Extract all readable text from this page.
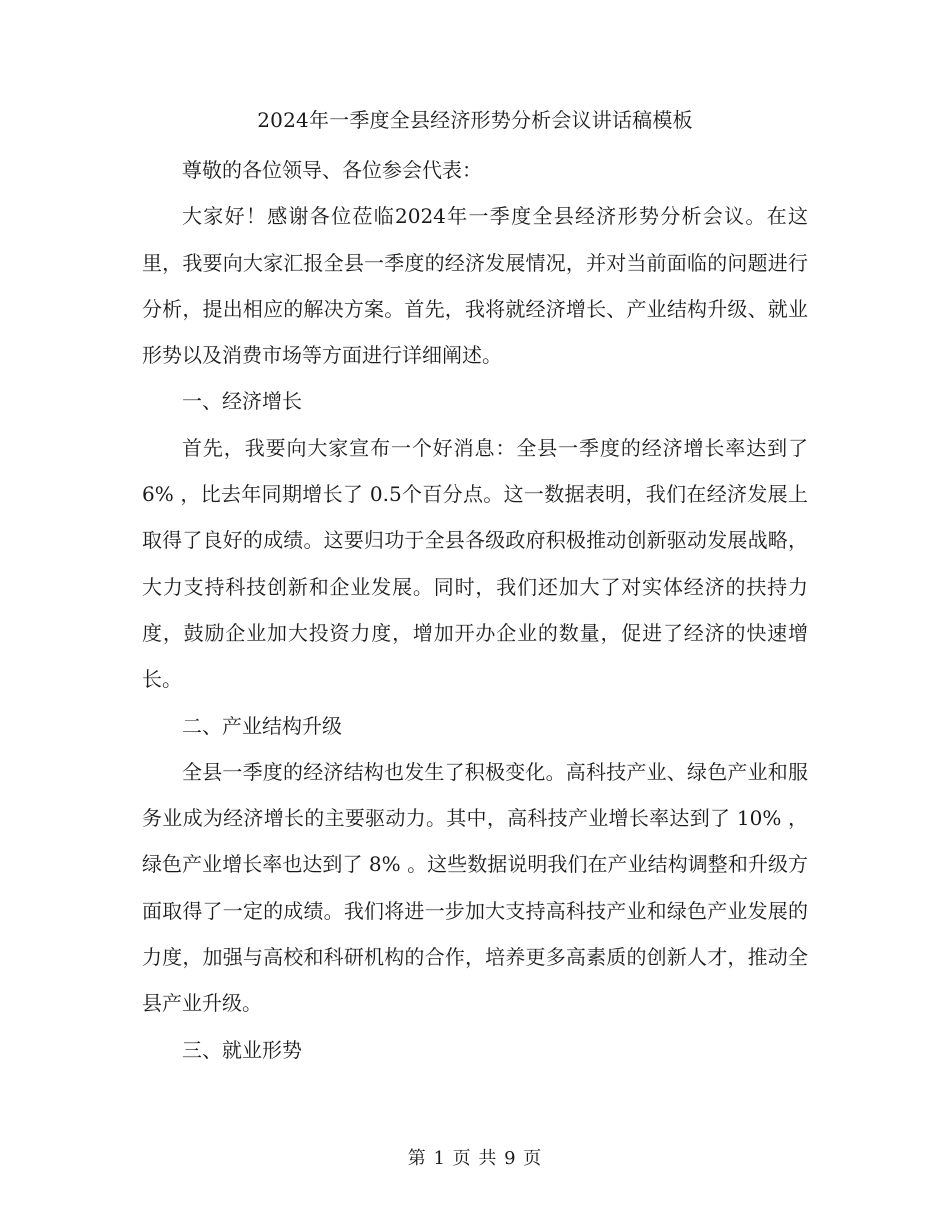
2024年一季度全县经济形势分析会议讲话稿模板

尊敬的各位领导、各位参会代表：

大家好！感谢各位莅临2024年一季度全县经济形势分析会议。在这里，我要向大家汇报全县一季度的经济发展情况，并对当前面临的问题进行分析，提出相应的解决方案。首先，我将就经济增长、产业结构升级、就业形势以及消费市场等方面进行详细阐述。

一、经济增长

首先，我要向大家宣布一个好消息：全县一季度的经济增长率达到了 6% ，比去年同期增长了 0.5个百分点。这一数据表明，我们在经济发展上取得了良好的成绩。这要归功于全县各级政府积极推动创新驱动发展战略，大力支持科技创新和企业发展。同时，我们还加大了对实体经济的扶持力度，鼓励企业加大投资力度，增加开办企业的数量，促进了经济的快速增长。

二、产业结构升级

全县一季度的经济结构也发生了积极变化。高科技产业、绿色产业和服务业成为经济增长的主要驱动力。其中，高科技产业增长率达到了 10% ，绿色产业增长率也达到了 8% 。这些数据说明我们在产业结构调整和升级方面取得了一定的成绩。我们将进一步加大支持高科技产业和绿色产业发展的力度，加强与高校和科研机构的合作，培养更多高素质的创新人才，推动全县产业升级。

三、就业形势

第 1 页 共 9 页
